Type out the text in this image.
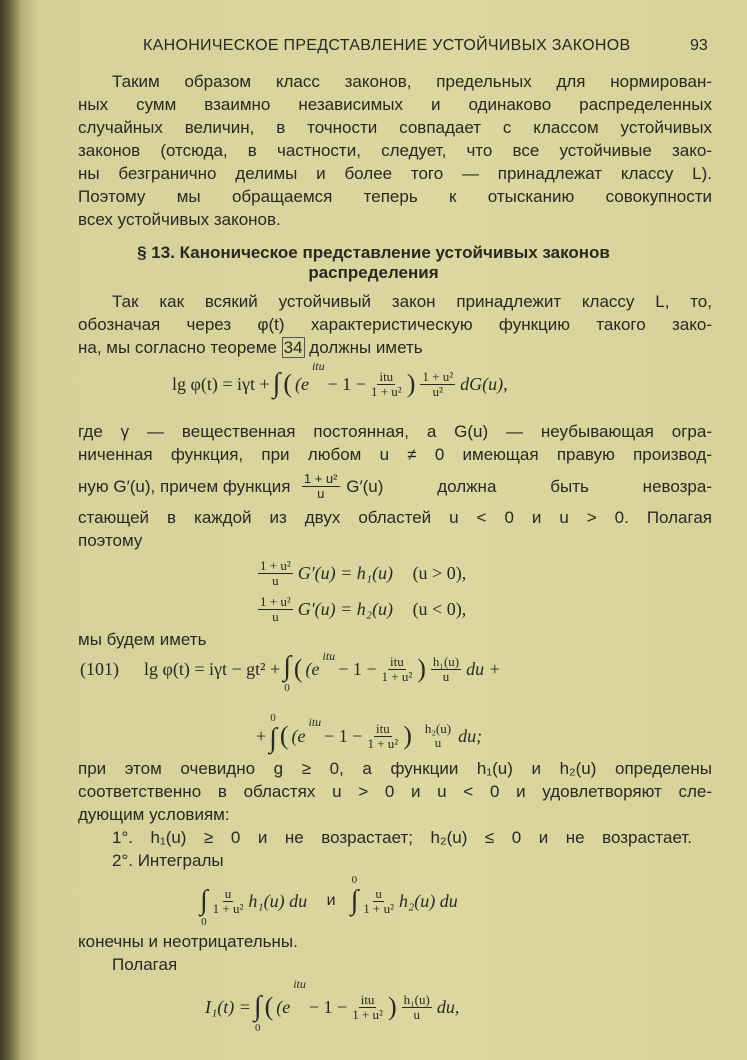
КАНОНИЧЕСКОЕ ПРЕДСТАВЛЕНИЕ УСТОЙЧИВЫХ ЗАКОНОВ	93
Таким образом класс законов, предельных для нормирован-
ных сумм взаимно независимых и одинаково распределенных
случайных величин, в точности совпадает с классом устойчивых
законов (отсюда, в частности, следует, что все устойчивые зако-
ны безгранично делимы и более того — принадлежат классу L).
Поэтому мы обращаемся теперь к отысканию совокупности
всех устойчивых законов.
§ 13. Каноническое представление устойчивых законов
распределения
Так как всякий устойчивый закон принадлежит классу L, то,
обозначая через φ(t) характеристическую функцию такого зако-
на, мы согласно теореме 34 должны иметь
lg φ(t) = iγt + ∫ ( (e
itu
− 1 − itu
1 + u² ) $\frac{\text{1 + u²}}{\text{u²}} dG(u)$,
где γ — вещественная постоянная, а G(u) — неубывающая огра-
ниченная функция, при любом u ≠ 0 имеющая правую производ-
ную G′(u), причем функция
$\frac{\text{1 + u²}}{u}$
G′(u) должна быть невозра-
стающей в каждой из двух областей u < 0 и u > 0. Полагая
поэтому
$\frac{\text{1 + u²}}{u} G'(u) = h_1(u)$
(u > 0),
$\frac{\text{1 + u²}}{u} G'(u) = h_2(u)$
(u < 0),
мы будем иметь
(101) lg φ(t) = iγt − gt² + ∫
0
( (e
itu
− 1 − itu
1 + u² ) $\frac{\text{h₁(u)}}{u}$ du +
+
0
∫ ( (e
itu
− 1 − itu
1 + u² ) h₂(u)
u du;
при этом очевидно g ≥ 0, а функции h₁(u) и h₂(u) определены
соответственно в областях u > 0 и u < 0 и удовлетворяют сле-
дующим условиям:
1°. h₁(u) ≥ 0 и не возрастает; h₂(u) ≤ 0 и не возрастает.
2°. Интегралы
∫
0
$\frac{u}{\text{1 + u²}} h_1(u)$ du
и

0
∫ $\frac{u}{\text{1 + u²}} h_2(u)$ du
конечны и неотрицательны.
Полагая
I₁(t) = ∫
0
( (e
itu
− 1 − itu
1 + u² ) $\frac{\text{h₁(u)}}{u}$ du,
